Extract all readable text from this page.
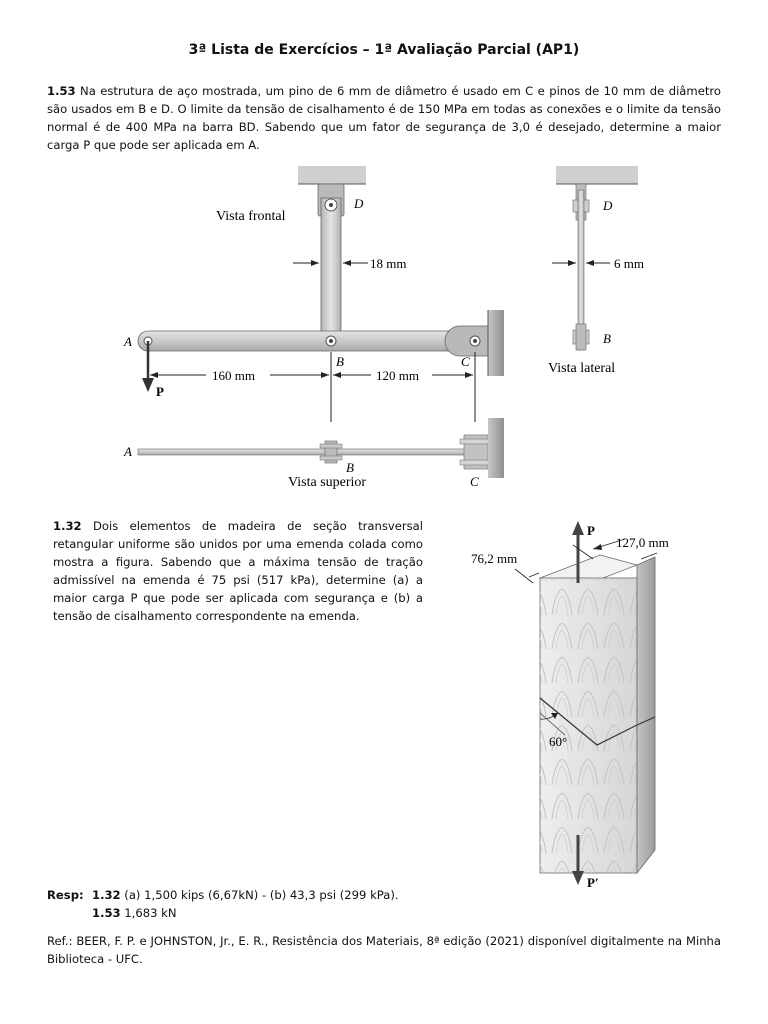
3ª Lista de Exercícios – 1ª Avaliação Parcial (AP1)
1.53 Na estrutura de aço mostrada, um pino de 6 mm de diâmetro é usado em C e pinos de 10 mm de diâmetro são usados em B e D. O limite da tensão de cisalhamento é de 150 MPa em todas as conexões e o limite da tensão normal é de 400 MPa na barra BD. Sabendo que um fator de segurança de 3,0 é desejado, determine a maior carga P que pode ser aplicada em A.
D
Vista frontal
18 mm
A
P
B	C
160 mm	120 mm
A
B
C
Vista superior
D
B
6 mm
Vista lateral
1.32 Dois elementos de madeira de seção transversal retangular uniforme são unidos por uma emenda colada como mostra a figura. Sabendo que a máxima tensão de tração admissível na emenda é 75 psi (517 kPa), determine (a) a maior carga P que pode ser aplicada com segurança e (b) a tensão de cisalhamento correspondente na emenda.
60°
P
P′
76,2 mm
127,0 mm
Resp: 1.32 (a) 1,500 kips (6,67kN) - (b) 43,3 psi (299 kPa).
1.53 1,683 kN
Ref.: BEER, F. P. e JOHNSTON, Jr., E. R., Resistência dos Materiais, 8ª edição (2021) disponível digitalmente na Minha Biblioteca - UFC.
